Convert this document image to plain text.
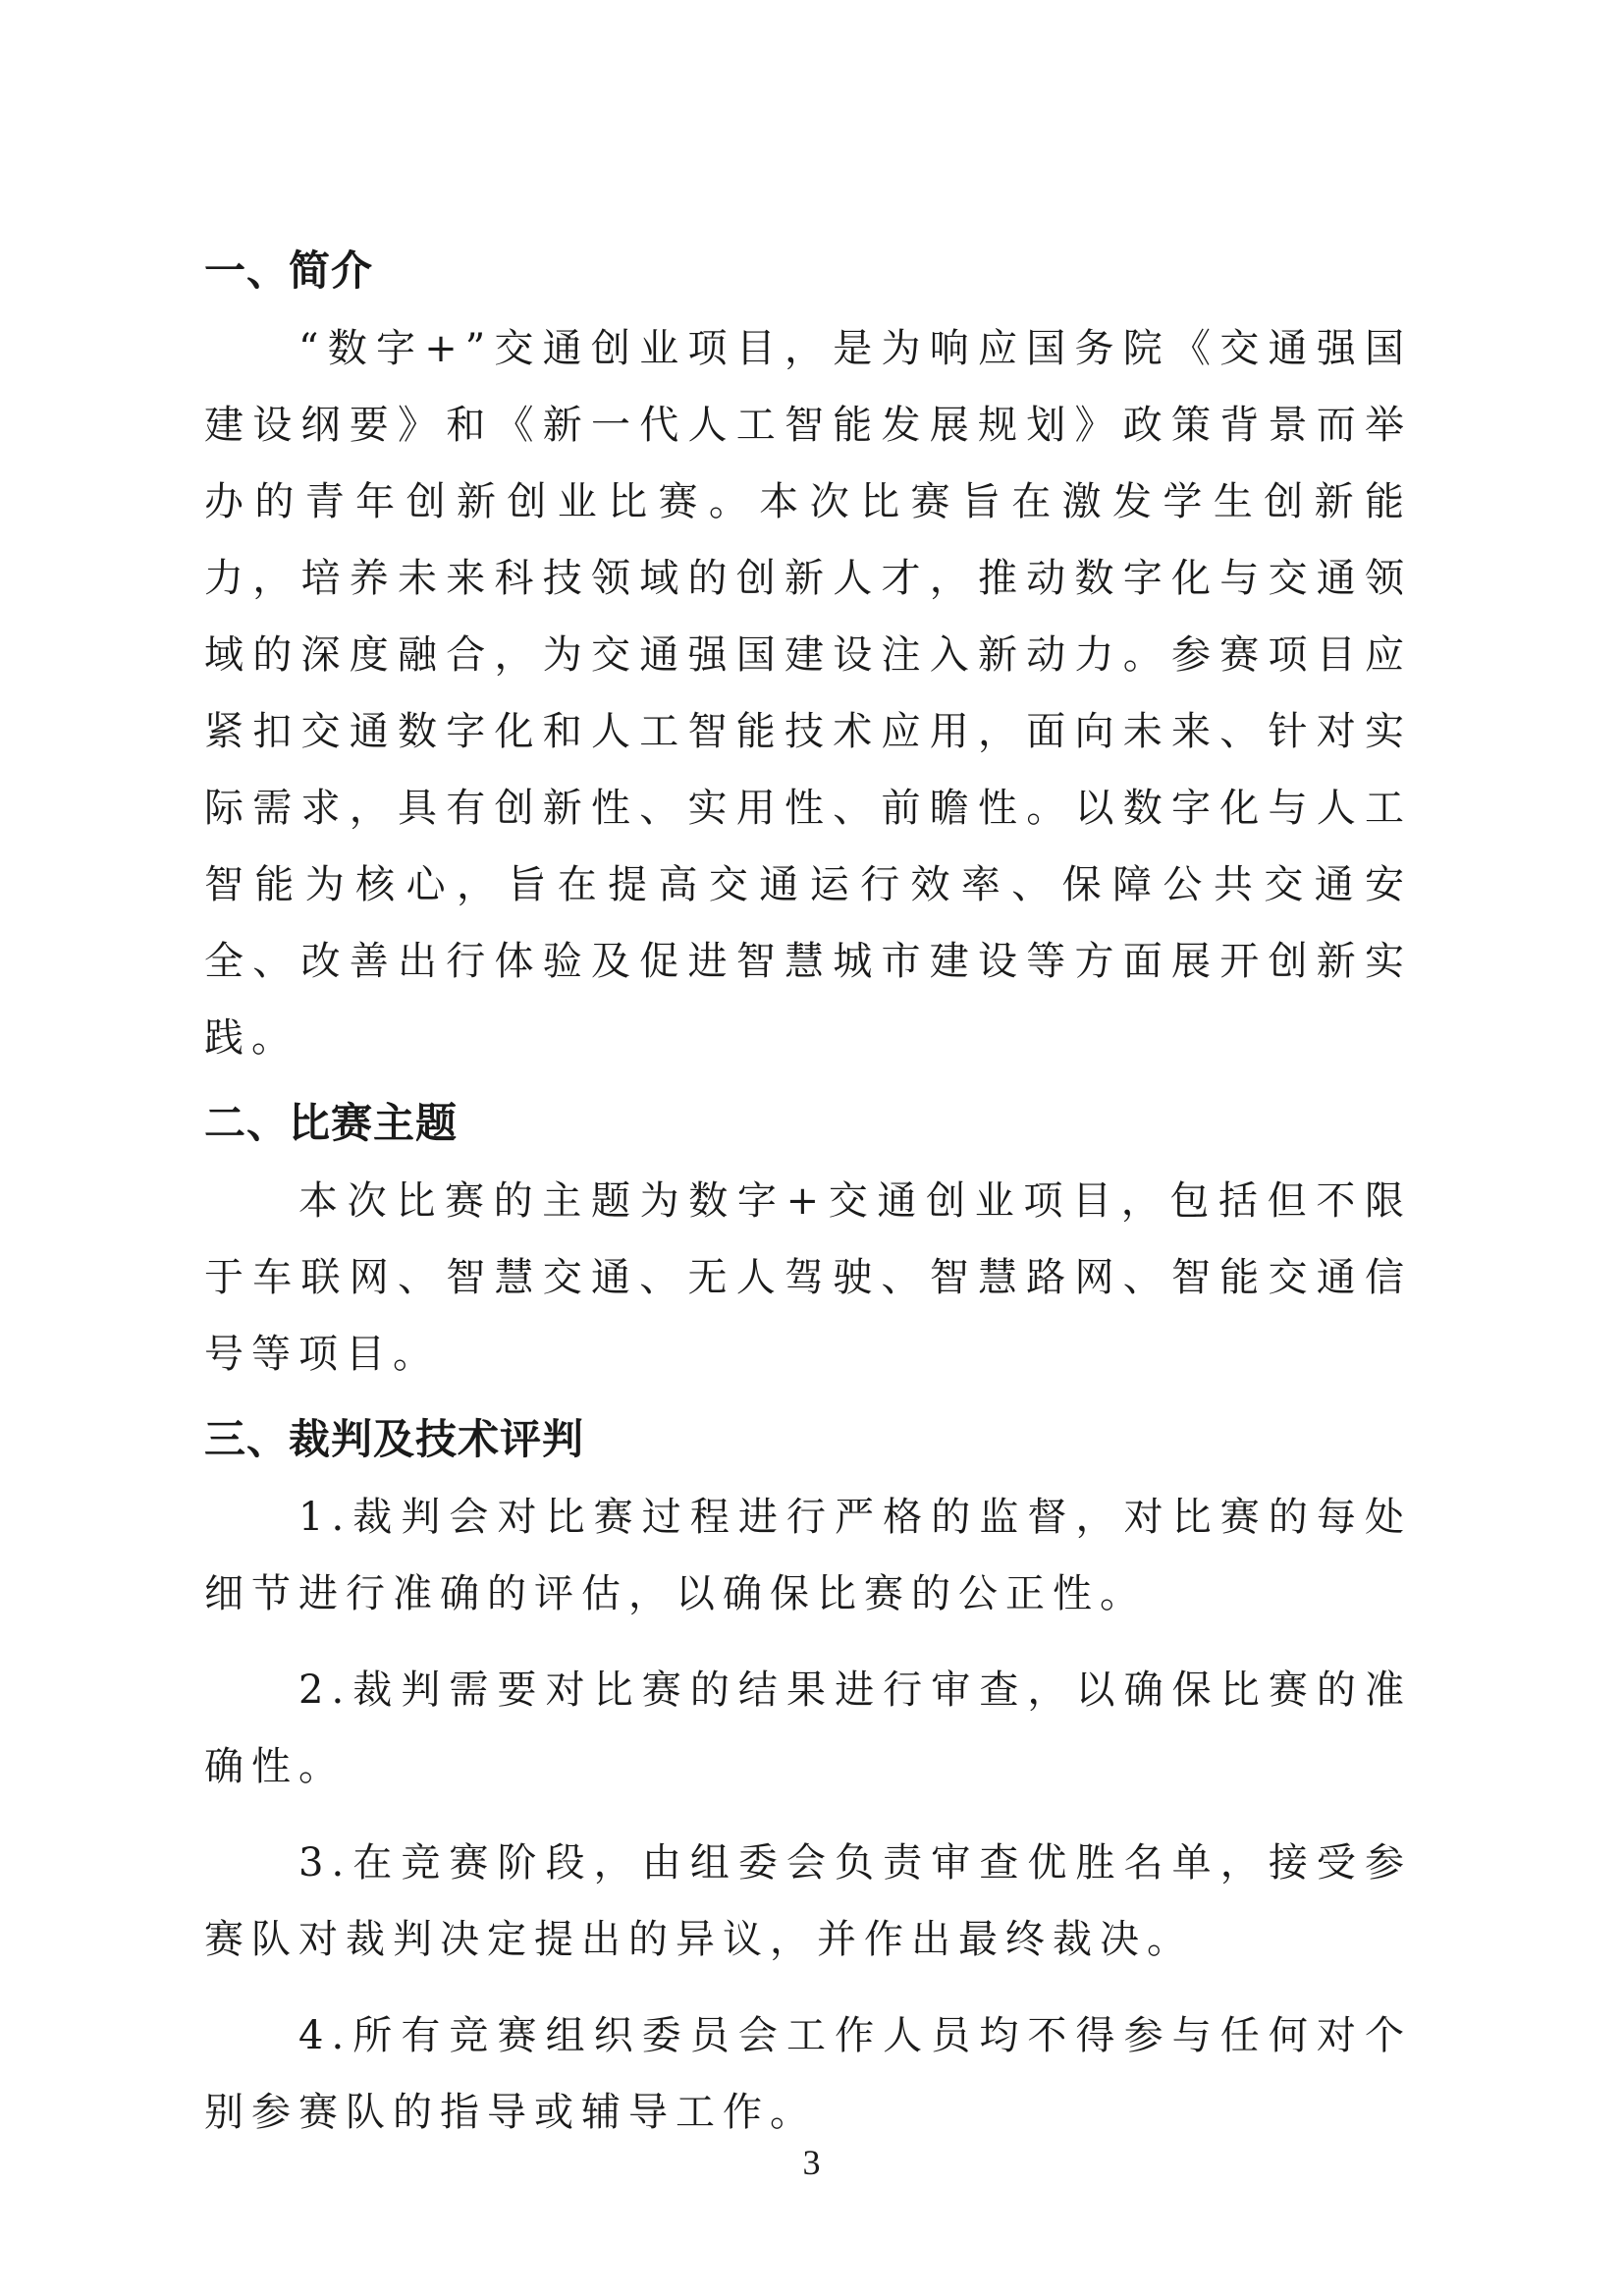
一、简介

“数字+”交通创业项目，是为响应国务院《交通强国建设纲要》和《新一代人工智能发展规划》政策背景而举办的青年创新创业比赛。本次比赛旨在激发学生创新能力，培养未来科技领域的创新人才，推动数字化与交通领域的深度融合，为交通强国建设注入新动力。参赛项目应紧扣交通数字化和人工智能技术应用，面向未来、针对实际需求，具有创新性、实用性、前瞻性。以数字化与人工智能为核心，旨在提高交通运行效率、保障公共交通安全、改善出行体验及促进智慧城市建设等方面展开创新实践。

二、比赛主题

本次比赛的主题为数字+交通创业项目，包括但不限于车联网、智慧交通、无人驾驶、智慧路网、智能交通信号等项目。

三、裁判及技术评判

1.裁判会对比赛过程进行严格的监督，对比赛的每处细节进行准确的评估，以确保比赛的公正性。

2.裁判需要对比赛的结果进行审查，以确保比赛的准确性。

3.在竞赛阶段，由组委会负责审查优胜名单，接受参赛队对裁判决定提出的异议，并作出最终裁决。

4.所有竞赛组织委员会工作人员均不得参与任何对个别参赛队的指导或辅导工作。

3
